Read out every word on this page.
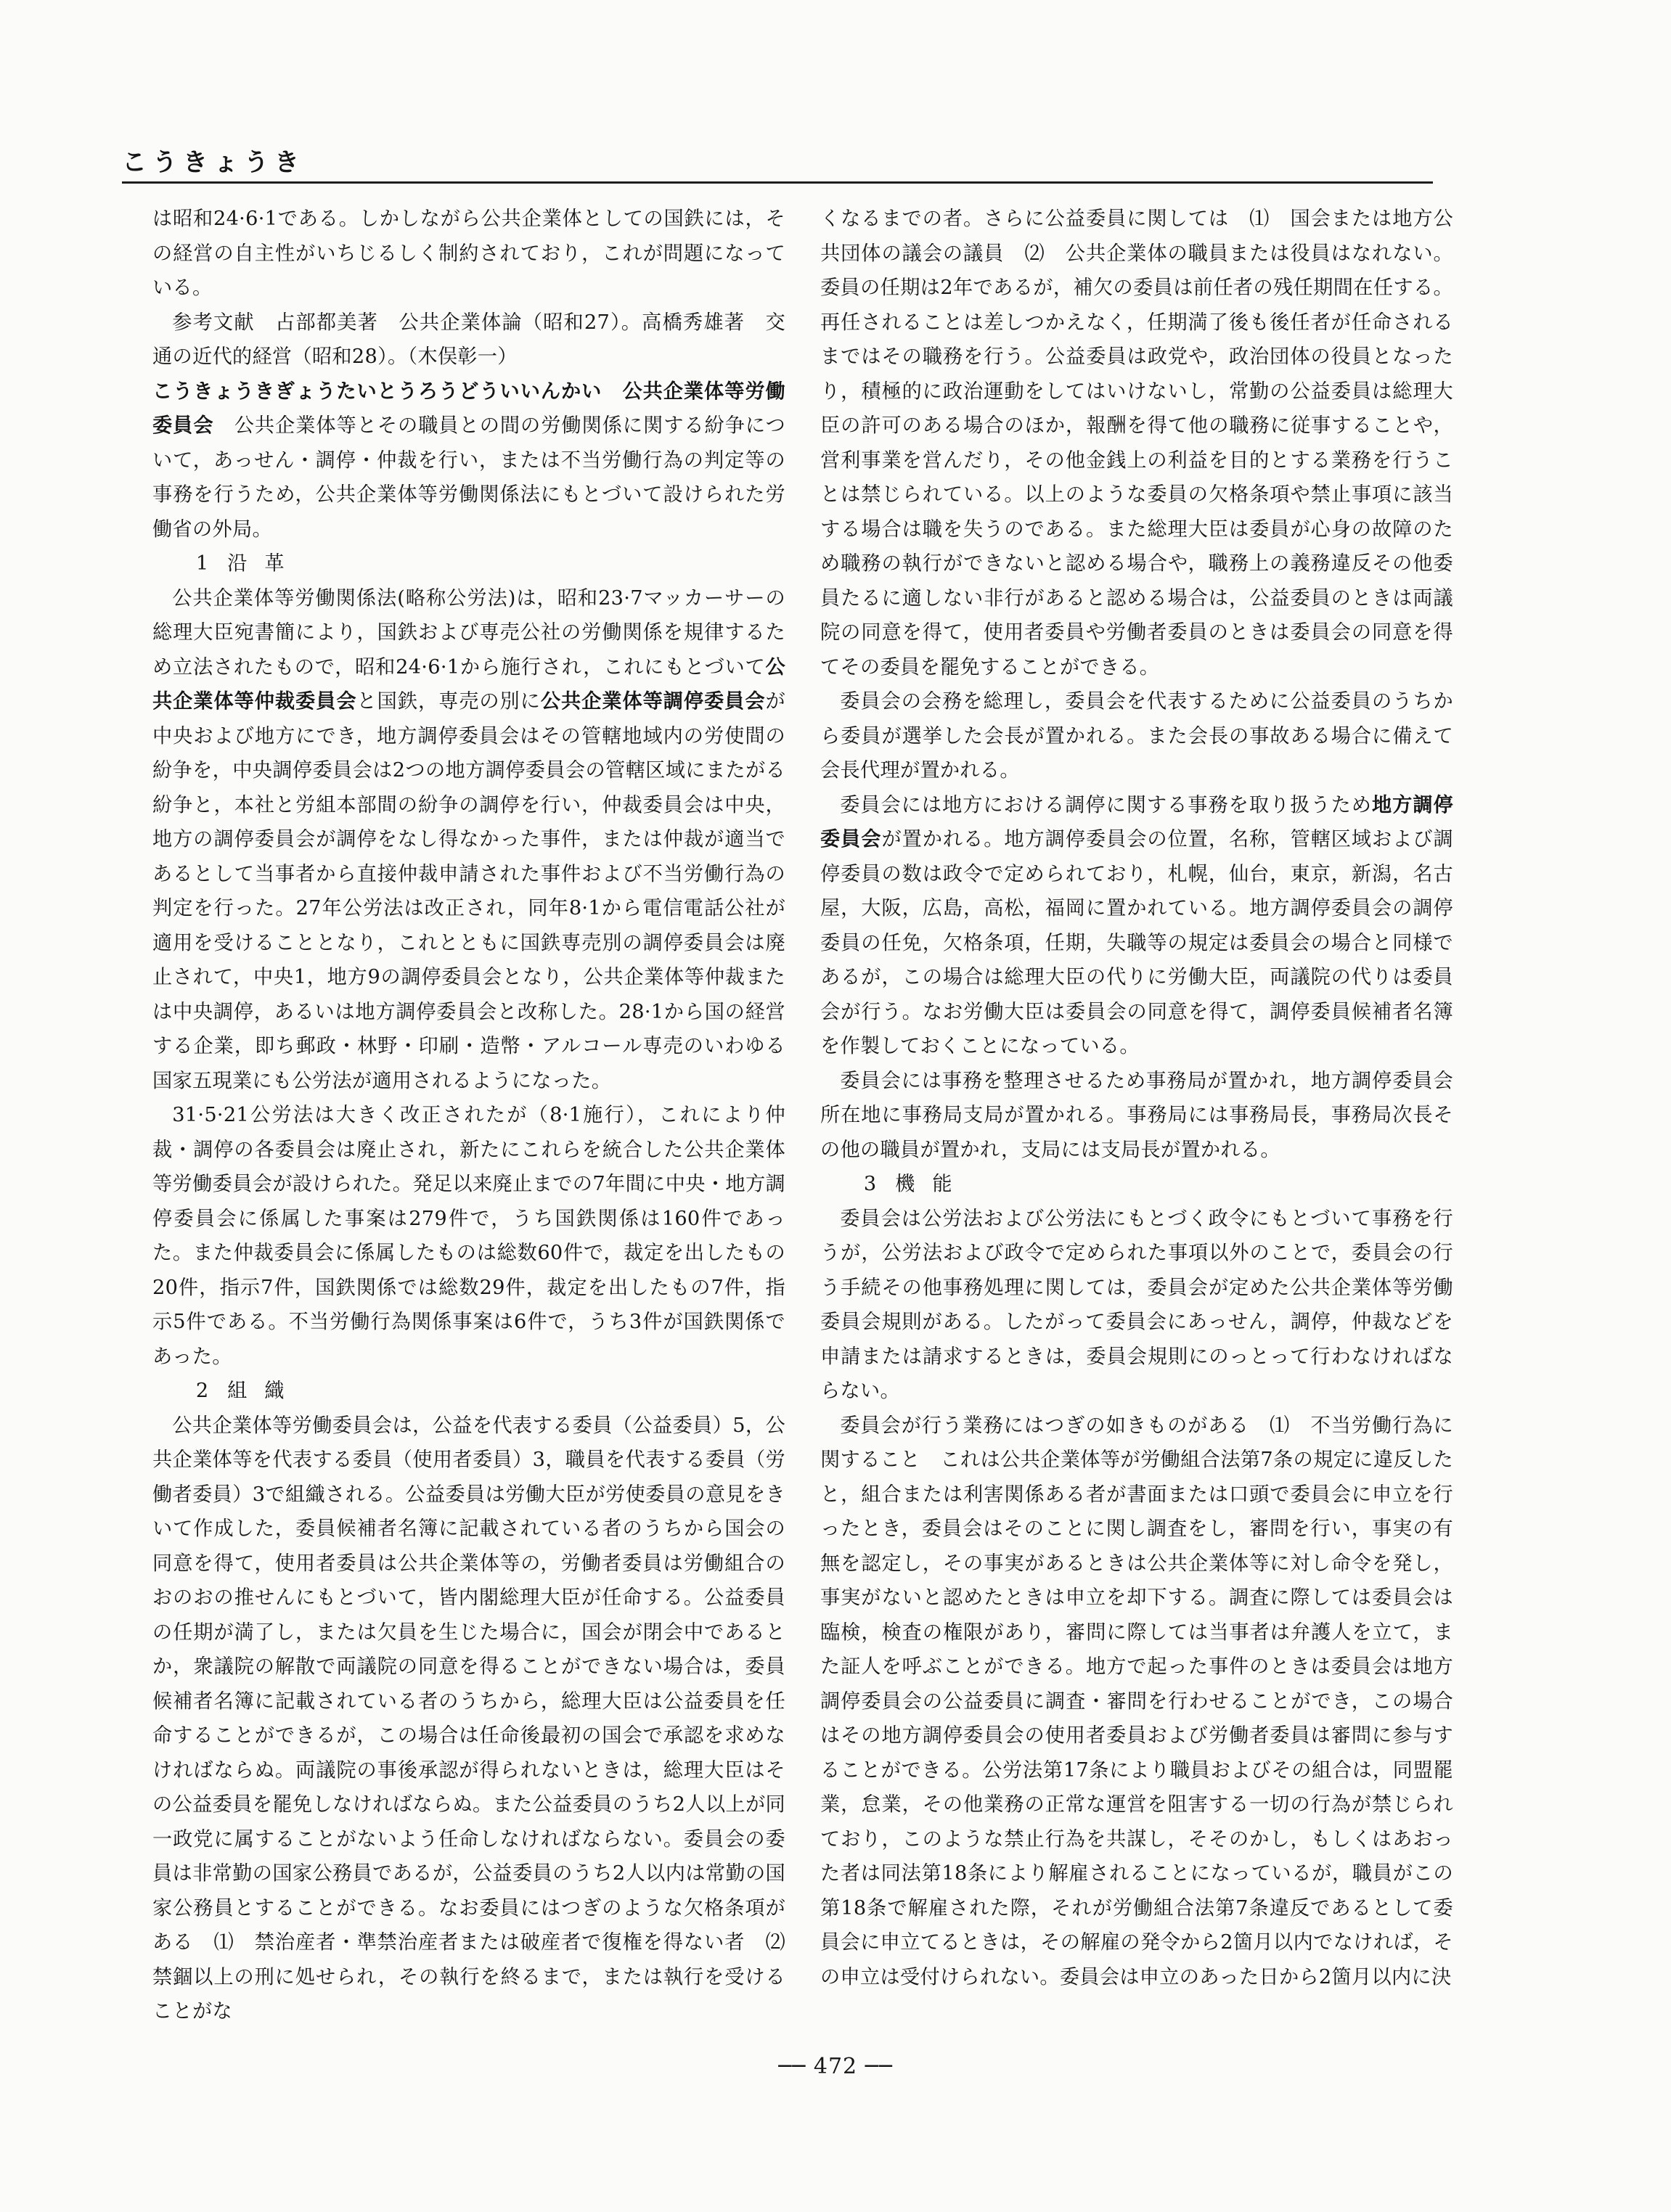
こうきょうき

は昭和24·6·1である。しかしながら公共企業体としての国鉄には，その経営の自主性がいちじるしく制約されており，これが問題になっている。

参考文献　占部都美著　公共企業体論（昭和27）。高橋秀雄著　交通の近代的経営（昭和28）。（木俣彰一）

こうきょうきぎょうたいとうろうどういいんかい　公共企業体等労働委員会　 公共企業体等とその職員との間の労働関係に関する紛争について，あっせん・調停・仲裁を行い，または不当労働行為の判定等の事務を行うため，公共企業体等労働関係法にもとづいて設けられた労働省の外局。

1 沿革

公共企業体等労働関係法(略称公労法)は，昭和23·7マッカーサーの総理大臣宛書簡により，国鉄および専売公社の労働関係を規律するため立法されたもので，昭和24·6·1から施行され，これにもとづいて公共企業体等仲裁委員会と国鉄，専売の別に公共企業体等調停委員会が中央および地方にでき，地方調停委員会はその管轄地域内の労使間の紛争を，中央調停委員会は2つの地方調停委員会の管轄区域にまたがる紛争と，本社と労組本部間の紛争の調停を行い，仲裁委員会は中央，地方の調停委員会が調停をなし得なかった事件，または仲裁が適当であるとして当事者から直接仲裁申請された事件および不当労働行為の判定を行った。27年公労法は改正され，同年8·1から電信電話公社が適用を受けることとなり，これとともに国鉄専売別の調停委員会は廃止されて，中央1，地方9の調停委員会となり，公共企業体等仲裁または中央調停，あるいは地方調停委員会と改称した。28·1から国の経営する企業，即ち郵政・林野・印刷・造幣・アルコール専売のいわゆる国家五現業にも公労法が適用されるようになった。

31·5·21公労法は大きく改正されたが（8·1施行），これにより仲裁・調停の各委員会は廃止され，新たにこれらを統合した公共企業体等労働委員会が設けられた。発足以来廃止までの7年間に中央・地方調停委員会に係属した事案は279件で，うち国鉄関係は160件であった。また仲裁委員会に係属したものは総数60件で，裁定を出したもの20件，指示7件，国鉄関係では総数29件，裁定を出したもの7件，指示5件である。不当労働行為関係事案は6件で，うち3件が国鉄関係であった。

2 組織

公共企業体等労働委員会は，公益を代表する委員（公益委員）5，公共企業体等を代表する委員（使用者委員）3，職員を代表する委員（労働者委員）3で組織される。公益委員は労働大臣が労使委員の意見をきいて作成した，委員候補者名簿に記載されている者のうちから国会の同意を得て，使用者委員は公共企業体等の，労働者委員は労働組合のおのおの推せんにもとづいて，皆内閣総理大臣が任命する。公益委員の任期が満了し，または欠員を生じた場合に，国会が閉会中であるとか，衆議院の解散で両議院の同意を得ることができない場合は，委員候補者名簿に記載されている者のうちから，総理大臣は公益委員を任命することができるが，この場合は任命後最初の国会で承認を求めなければならぬ。両議院の事後承認が得られないときは，総理大臣はその公益委員を罷免しなければならぬ。また公益委員のうち2人以上が同一政党に属することがないよう任命しなければならない。委員会の委員は非常勤の国家公務員であるが，公益委員のうち2人以内は常勤の国家公務員とすることができる。なお委員にはつぎのような欠格条項がある　⑴　禁治産者・準禁治産者または破産者で復権を得ない者　⑵　禁錮以上の刑に処せられ，その執行を終るまで，または執行を受けることがな

くなるまでの者。さらに公益委員に関しては　⑴　国会または地方公共団体の議会の議員　⑵　公共企業体の職員または役員はなれない。委員の任期は2年であるが，補欠の委員は前任者の残任期間在任する。再任されることは差しつかえなく，任期満了後も後任者が任命されるまではその職務を行う。公益委員は政党や，政治団体の役員となったり，積極的に政治運動をしてはいけないし，常勤の公益委員は総理大臣の許可のある場合のほか，報酬を得て他の職務に従事することや，営利事業を営んだり，その他金銭上の利益を目的とする業務を行うことは禁じられている。以上のような委員の欠格条項や禁止事項に該当する場合は職を失うのである。また総理大臣は委員が心身の故障のため職務の執行ができないと認める場合や，職務上の義務違反その他委員たるに適しない非行があると認める場合は，公益委員のときは両議院の同意を得て，使用者委員や労働者委員のときは委員会の同意を得てその委員を罷免することができる。

委員会の会務を総理し，委員会を代表するために公益委員のうちから委員が選挙した会長が置かれる。また会長の事故ある場合に備えて会長代理が置かれる。

委員会には地方における調停に関する事務を取り扱うため地方調停委員会が置かれる。地方調停委員会の位置，名称，管轄区域および調停委員の数は政令で定められており，札幌，仙台，東京，新潟，名古屋，大阪，広島，高松，福岡に置かれている。地方調停委員会の調停委員の任免，欠格条項，任期，失職等の規定は委員会の場合と同様であるが，この場合は総理大臣の代りに労働大臣，両議院の代りは委員会が行う。なお労働大臣は委員会の同意を得て，調停委員候補者名簿を作製しておくことになっている。

委員会には事務を整理させるため事務局が置かれ，地方調停委員会所在地に事務局支局が置かれる。事務局には事務局長，事務局次長その他の職員が置かれ，支局には支局長が置かれる。

3 機能

委員会は公労法および公労法にもとづく政令にもとづいて事務を行うが，公労法および政令で定められた事項以外のことで，委員会の行う手続その他事務処理に関しては，委員会が定めた公共企業体等労働委員会規則がある。したがって委員会にあっせん，調停，仲裁などを申請または請求するときは，委員会規則にのっとって行わなければならない。

委員会が行う業務にはつぎの如きものがある　⑴　不当労働行為に関すること　これは公共企業体等が労働組合法第7条の規定に違反したと，組合または利害関係ある者が書面または口頭で委員会に申立を行ったとき，委員会はそのことに関し調査をし，審問を行い，事実の有無を認定し，その事実があるときは公共企業体等に対し命令を発し，事実がないと認めたときは申立を却下する。調査に際しては委員会は臨検，検査の権限があり，審問に際しては当事者は弁護人を立て，また証人を呼ぶことができる。地方で起った事件のときは委員会は地方調停委員会の公益委員に調査・審問を行わせることができ，この場合はその地方調停委員会の使用者委員および労働者委員は審問に参与することができる。公労法第17条により職員およびその組合は，同盟罷業，怠業，その他業務の正常な運営を阻害する一切の行為が禁じられており，このような禁止行為を共謀し，そそのかし，もしくはあおった者は同法第18条により解雇されることになっているが，職員がこの第18条で解雇された際，それが労働組合法第7条違反であるとして委員会に申立てるときは，その解雇の発令から2箇月以内でなければ，その申立は受付けられない。委員会は申立のあった日から2箇月以内に決

── 472 ──
